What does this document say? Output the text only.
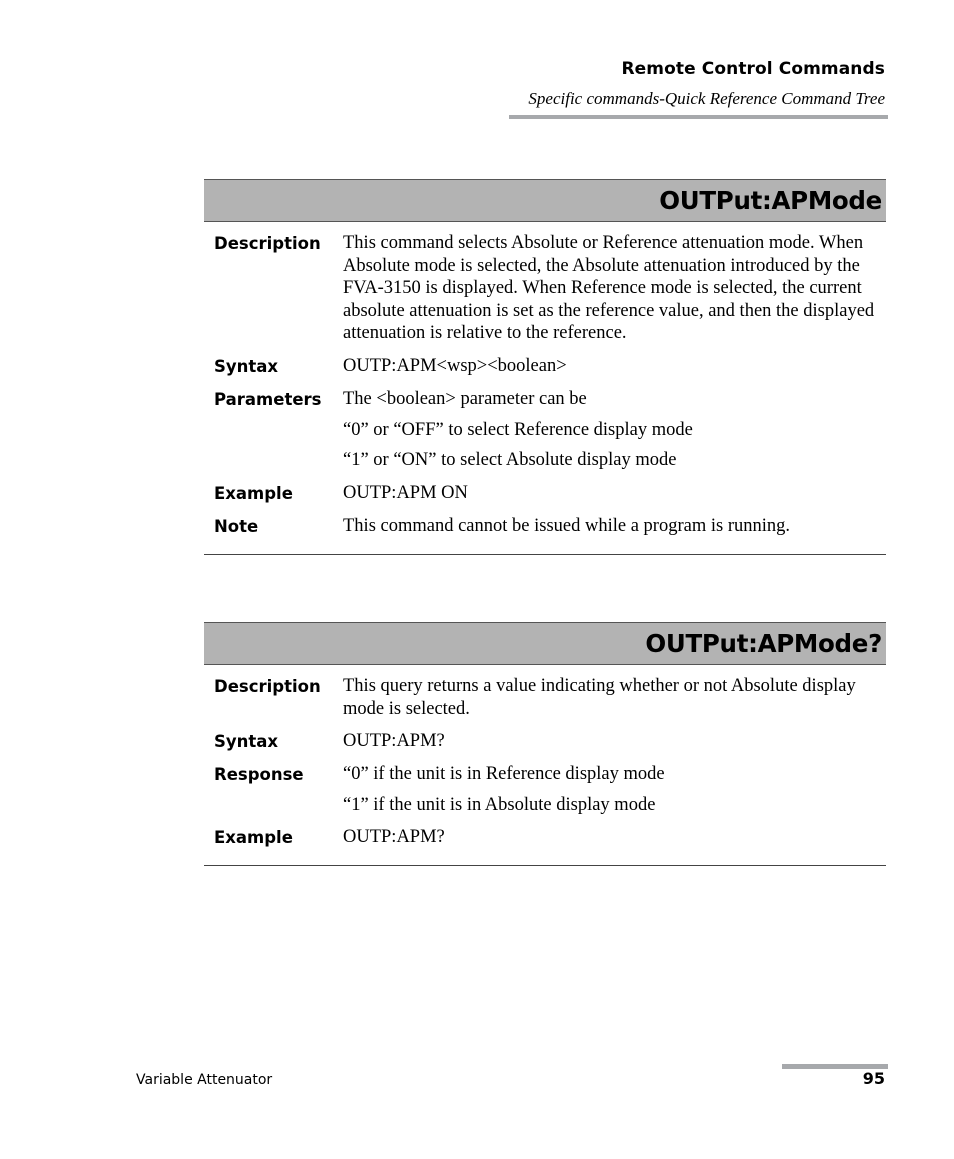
Remote Control Commands
Specific commands-Quick Reference Command Tree
OUTPut:APMode
Description	This command selects Absolute or Reference attenuation mode. When Absolute mode is selected, the Absolute attenuation introduced by the FVA-3150 is displayed. When Reference mode is selected, the current absolute attenuation is set as the reference value, and then the displayed attenuation is relative to the reference.
Syntax	OUTP:APM<wsp><boolean>
Parameters	The <boolean> parameter can be
“0” or “OFF” to select Reference display mode
“1” or “ON” to select Absolute display mode
Example	OUTP:APM ON
Note	This command cannot be issued while a program is running.
OUTPut:APMode?
Description	This query returns a value indicating whether or not Absolute display mode is selected.
Syntax	OUTP:APM?
Response	“0” if the unit is in Reference display mode
“1” if the unit is in Absolute display mode
Example	OUTP:APM?
Variable Attenuator	95
